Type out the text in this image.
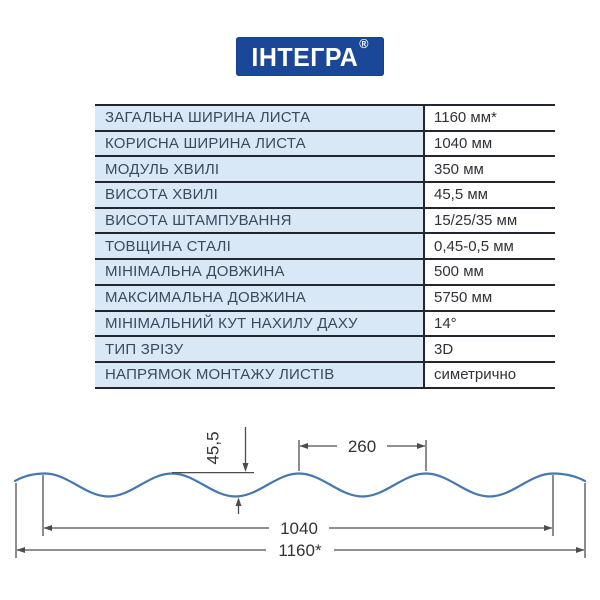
ІНТЕГРА®
ЗАГАЛЬНА ШИРИНА ЛИСТА	1160 мм*
КОРИСНА ШИРИНА ЛИСТА	1040 мм
МОДУЛЬ ХВИЛІ	350 мм
ВИСОТА ХВИЛІ	45,5 мм
ВИСОТА ШТАМПУВАННЯ	15/25/35 мм
ТОВЩИНА СТАЛІ	0,45-0,5 мм
МІНІМАЛЬНА ДОВЖИНА	500 мм
МАКСИМАЛЬНА ДОВЖИНА	5750 мм
МІНІМАЛЬНИЙ КУТ НАХИЛУ ДАХУ	14°
ТИП ЗРІЗУ	3D
НАПРЯМОК МОНТАЖУ ЛИСТІВ	симетрично
45,5	260
1040
1160*
